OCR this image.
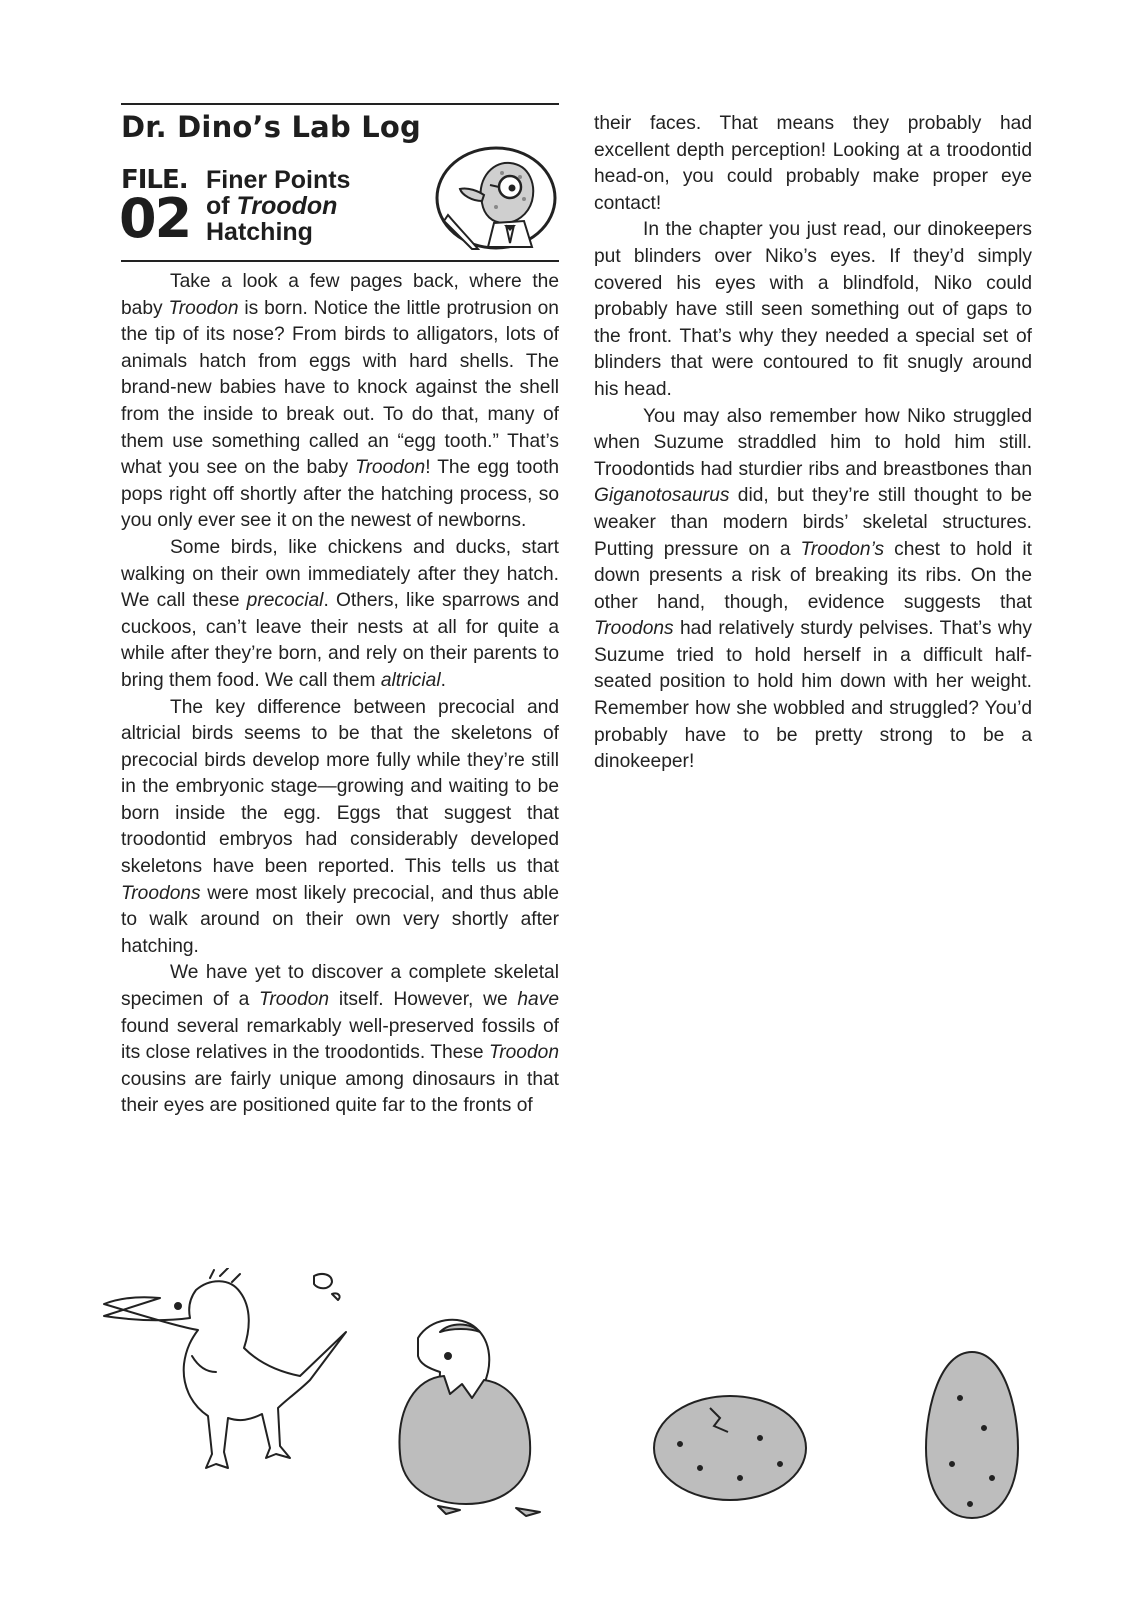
Dr. Dino’s Lab Log
FILE.
02
Finer Points
of Troodon
Hatching

Take a look a few pages back, where the baby Troodon is born. Notice the little protrusion on the tip of its nose? From birds to alligators, lots of animals hatch from eggs with hard shells. The brand-new babies have to knock against the shell from the inside to break out. To do that, many of them use something called an “egg tooth.” That’s what you see on the baby Troodon! The egg tooth pops right off shortly after the hatching process, so you only ever see it on the newest of newborns.

Some birds, like chickens and ducks, start walking on their own immediately after they hatch. We call these precocial. Others, like sparrows and cuckoos, can’t leave their nests at all for quite a while after they’re born, and rely on their parents to bring them food. We call them altricial.

The key difference between precocial and altricial birds seems to be that the skeletons of precocial birds develop more fully while they’re still in the embryonic stage—growing and waiting to be born inside the egg. Eggs that suggest that troodontid embryos had considerably developed skeletons have been reported. This tells us that Troodons were most likely precocial, and thus able to walk around on their own very shortly after hatching.

We have yet to discover a complete skeletal specimen of a Troodon itself. However, we have found several remarkably well-preserved fossils of its close relatives in the troodontids. These Troodon cousins are fairly unique among dinosaurs in that their eyes are positioned quite far to the fronts of

their faces. That means they probably had excellent depth perception! Looking at a troodontid head-on, you could probably make proper eye contact!

In the chapter you just read, our dinokeepers put blinders over Niko’s eyes. If they’d simply covered his eyes with a blindfold, Niko could probably have still seen something out of gaps to the front. That’s why they needed a special set of blinders that were contoured to fit snugly around his head.

You may also remember how Niko struggled when Suzume straddled him to hold him still. Troodontids had sturdier ribs and breastbones than Giganotosaurus did, but they’re still thought to be weaker than modern birds’ skeletal structures. Putting pressure on a Troodon’s chest to hold it down presents a risk of breaking its ribs. On the other hand, though, evidence suggests that Troodons had relatively sturdy pelvises. That’s why Suzume tried to hold herself in a difficult half-seated position to hold him down with her weight. Remember how she wobbled and struggled? You’d probably have to be pretty strong to be a dinokeeper!
